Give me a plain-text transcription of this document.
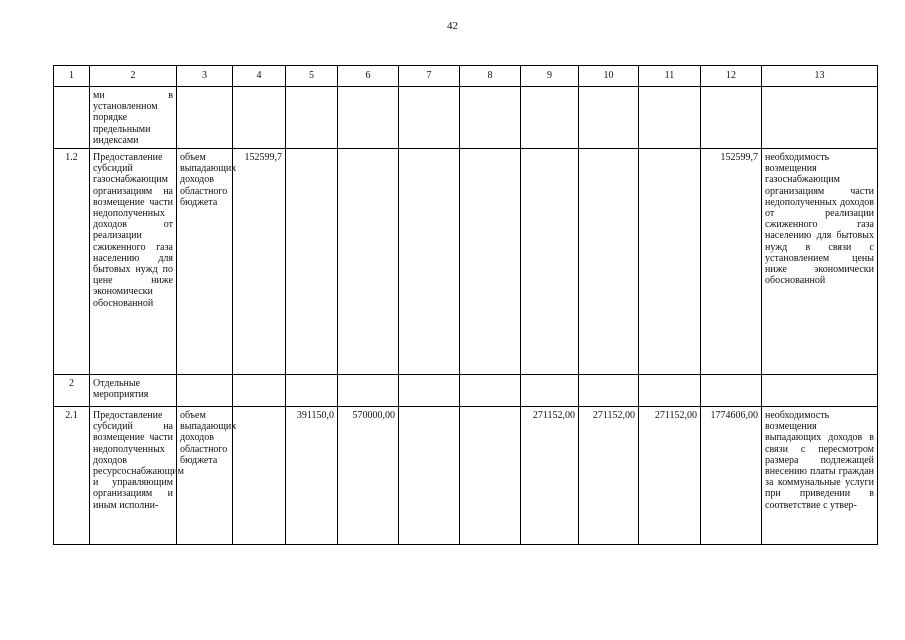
42
1	2	3	4	5	6	7	8	9	10	11	12	13
	ми в установленном порядке предельными индексами											
1.2	Предоставление субсидий газоснабжающим организациям на возмещение части недополученных доходов от реализации сжиженного газа населению для бытовых нужд по цене ниже экономически обоснованной	объем выпадающих доходов областного бюджета	152599,7								152599,7	необходимость возмещения газоснабжающим организациям части недополученных доходов от реализации сжиженного газа населению для бытовых нужд в связи с установлением цены ниже экономически обоснованной
2	Отдельные мероприятия											
2.1	Предоставление субсидий на возмещение части недополученных доходов ресурсоснабжающим и управляющим организациям и иным исполни-	объем выпадающих доходов областного бюджета		391150,0	570000,00			271152,00	271152,00	271152,00	1774606,00	необходимость возмещения выпадающих доходов в связи с пересмотром размера подлежащей внесению платы граждан за коммунальные услуги при приведении в соответствие с утвер-
